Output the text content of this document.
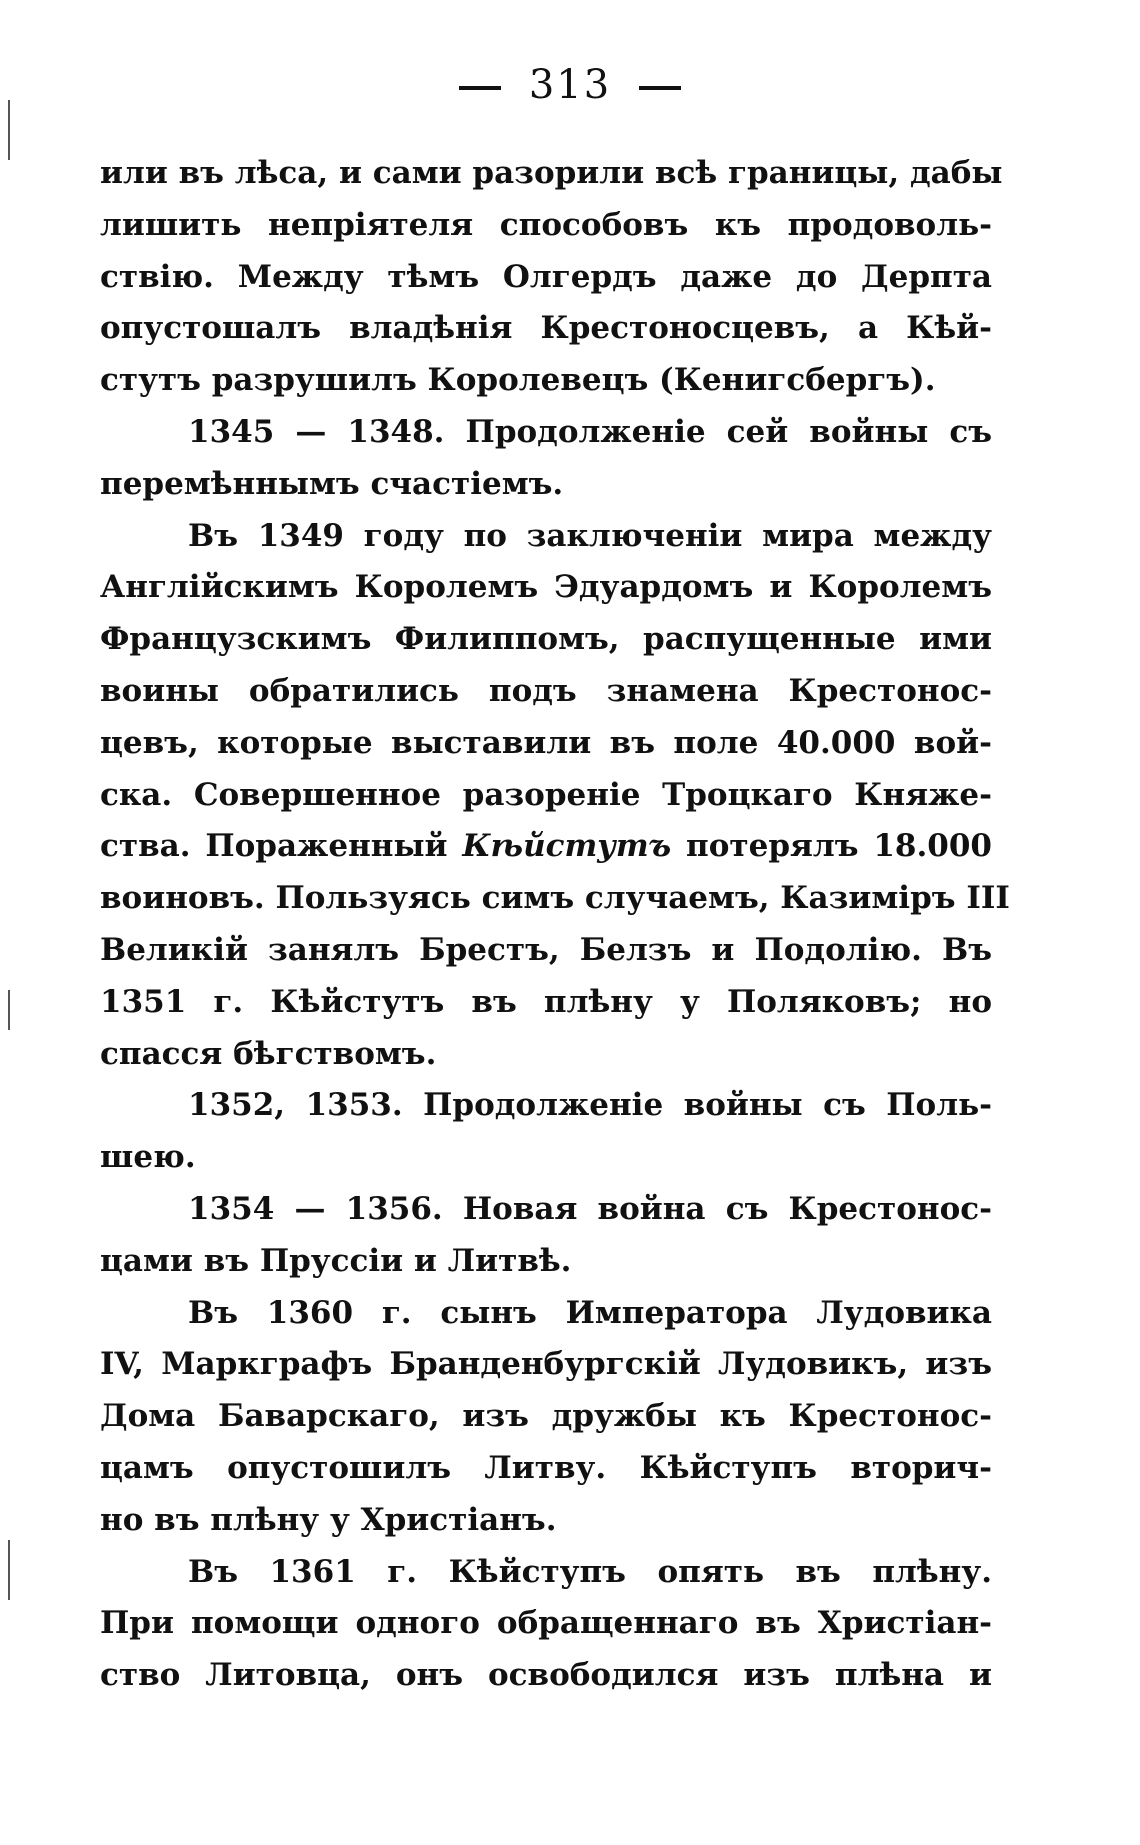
313
или въ лѣса, и сами разорили всѣ границы, дабы
лишить непріятеля способовъ къ продоволь-
ствію. Между тѣмъ Олгердъ даже до Дерпта
опустошалъ владѣнія Крестоносцевъ, а Кѣй-
стутъ разрушилъ Королевецъ (Кенигсбергъ).
1345 — 1348. Продолженіе сей войны съ
перемѣннымъ счастіемъ.
Въ 1349 году по заключеніи мира между
Англійскимъ Королемъ Эдуардомъ и Королемъ
Французскимъ Филиппомъ, распущенные ими
воины обратились подъ знамена Крестонос-
цевъ, которые выставили въ поле 40.000 вой-
ска. Совершенное разореніе Троцкаго Княже-
ства. Пораженный Кѣйстутъ потерялъ 18.000
воиновъ. Пользуясь симъ случаемъ, Казиміръ III
Великій занялъ Брестъ, Белзъ и Подолію. Въ
1351 г. Кѣйстутъ въ плѣну у Поляковъ; но
спасся бѣгствомъ.
1352, 1353. Продолженіе войны съ Поль-
шею.
1354 — 1356. Новая война съ Крестонос-
цами въ Пруссіи и Литвѣ.
Въ 1360 г. сынъ Императора Лудовика
IV, Маркграфъ Бранденбургскій Лудовикъ, изъ
Дома Баварскаго, изъ дружбы къ Крестонос-
цамъ опустошилъ Литву. Кѣйступъ вторич-
но въ плѣну у Христіанъ.
Въ 1361 г. Кѣйступъ опять въ плѣну.
При помощи одного обращеннаго въ Христіан-
ство Литовца, онъ освободился изъ плѣна и
